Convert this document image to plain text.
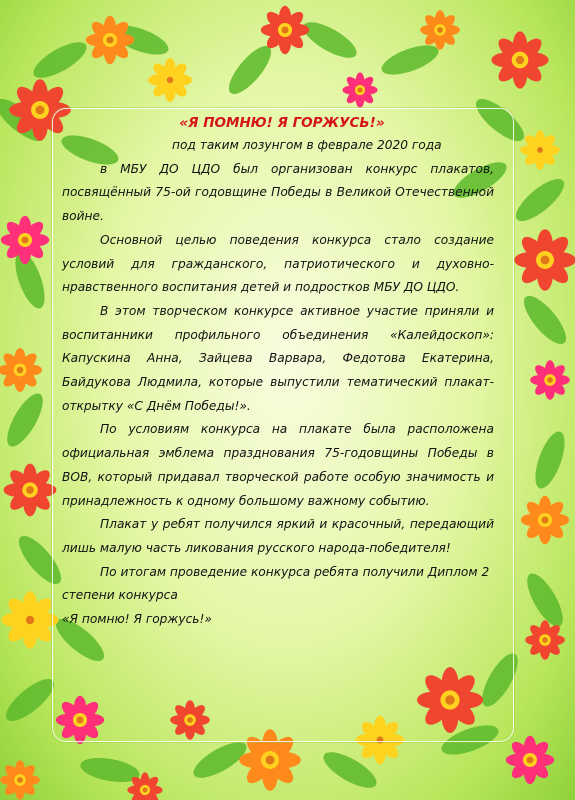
«Я ПОМНЮ! Я ГОРЖУСЬ!»

под таким лозунгом в феврале 2020 года

в МБУ ДО ЦДО был организован конкурс плакатов, посвящённый 75-ой годовщине Победы в Великой Отечественной войне.

Основной целью поведения конкурса стало создание условий для гражданского, патриотического и духовно-нравственного воспитания детей и подростков МБУ ДО ЦДО.

В этом творческом конкурсе активное участие приняли и воспитанники профильного объединения «Калейдоскоп»: Капускина Анна, Зайцева Варвара, Федотова Екатерина, Байдукова Людмила, которые выпустили тематический плакат-открытку «С Днём Победы!».

По условиям конкурса на плакате была расположена официальная эмблема празднования 75-годовщины Победы в ВОВ, который придавал творческой работе особую значимость и принадлежность к одному большому важному событию.

Плакат у ребят получился яркий и красочный, передающий лишь малую часть ликования русского народа-победителя!

По итогам проведение конкурса ребята получили Диплом 2 степени конкурса

«Я помню! Я горжусь!»
